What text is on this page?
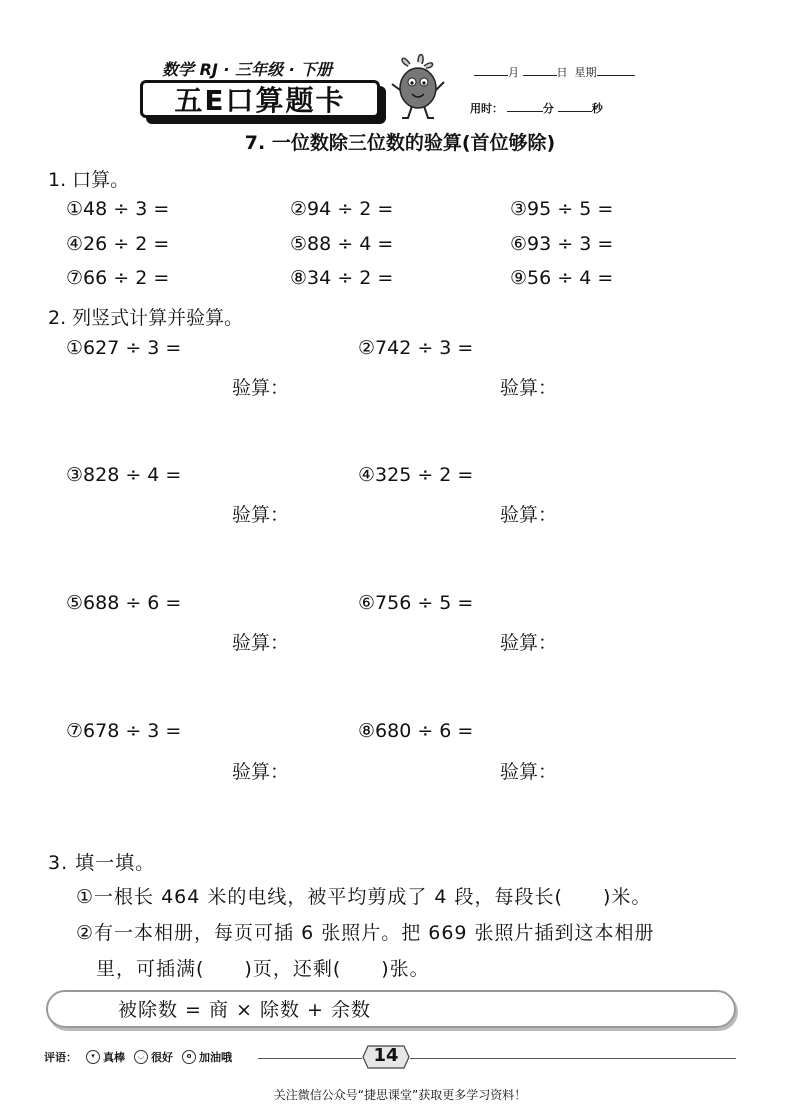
数学 RJ · 三年级 · 下册
五E口算题卡
月	日 星期
用时：	分	秒
7. 一位数除三位数的验算(首位够除)
1. 口算。
①48 ÷ 3 =	②94 ÷ 2 =	③95 ÷ 5 =
④26 ÷ 2 =	⑤88 ÷ 4 =	⑥93 ÷ 3 =
⑦66 ÷ 2 =	⑧34 ÷ 2 =	⑨56 ÷ 4 =
2. 列竖式计算并验算。
①627 ÷ 3 =	②742 ÷ 3 =
验算：	验算：
③828 ÷ 4 =	④325 ÷ 2 =
验算：	验算：
⑤688 ÷ 6 =	⑥756 ÷ 5 =
验算：	验算：
⑦678 ÷ 3 =	⑧680 ÷ 6 =
验算：	验算：
3. 填一填。
①一根长 464 米的电线，被平均剪成了 4 段，每段长(　　)米。
②有一本相册，每页可插 6 张照片。把 669 张照片插到这本相册
里，可插满(　　)页，还剩(　　)张。
被除数 = 商 × 除数 + 余数
评语：	▾ 真棒	◡ 很好	o 加油哦	14
关注微信公众号“捷思课堂”获取更多学习资料！
